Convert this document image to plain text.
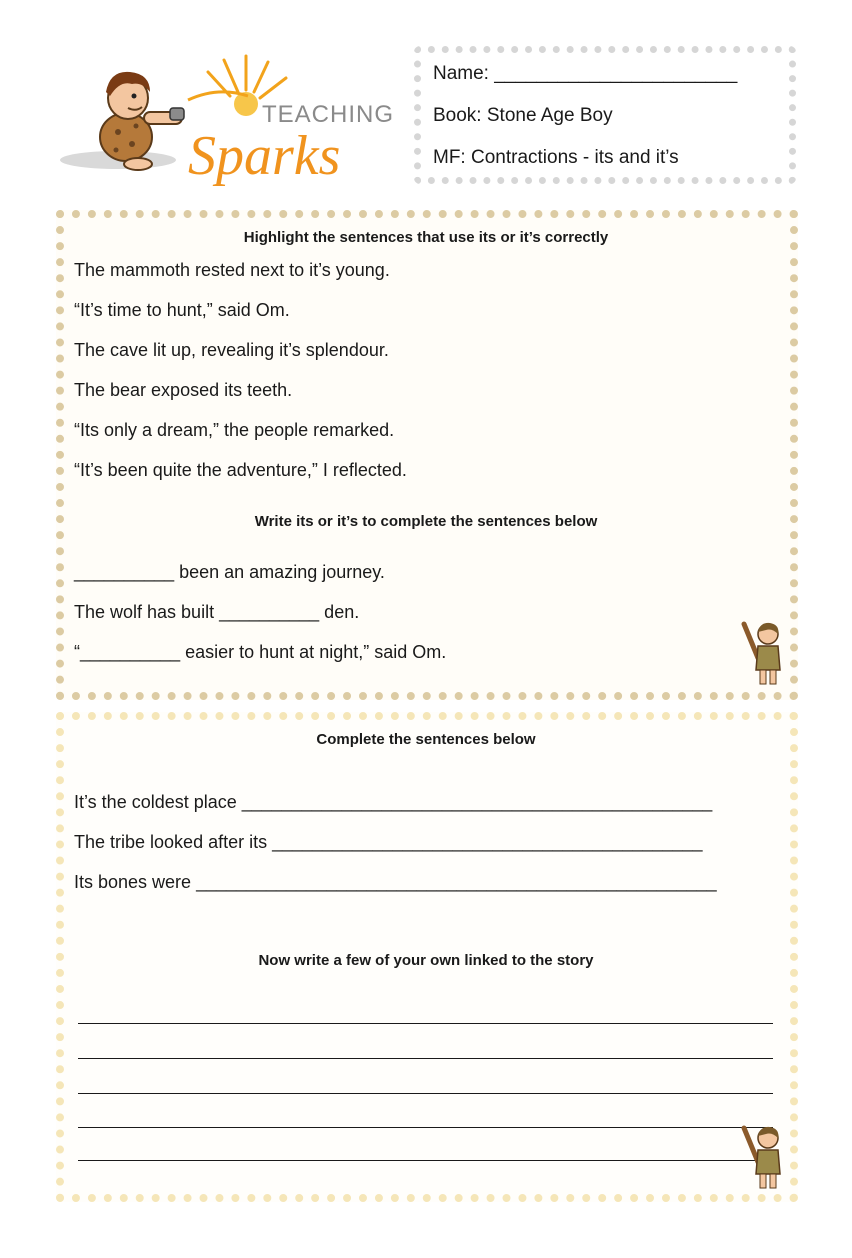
TEACHING
Sparks
Name: _______________________
Book: Stone Age Boy
MF: Contractions - its and it’s
Highlight the sentences that use its or it’s correctly
The mammoth rested next to it’s young.
“It’s time to hunt,” said Om.
The cave lit up, revealing it’s splendour.
The bear exposed its teeth.
“Its only a dream,” the people remarked.
“It’s been quite the adventure,” I reflected.
Write its or it’s to complete the sentences below
__________ been an amazing journey.
The wolf has built __________ den.
“__________ easier to hunt at night,” said Om.
Complete the sentences below
It’s the coldest place _______________________________________________
The tribe looked after its ___________________________________________
Its bones were ____________________________________________________
Now write a few of your own linked to the story
